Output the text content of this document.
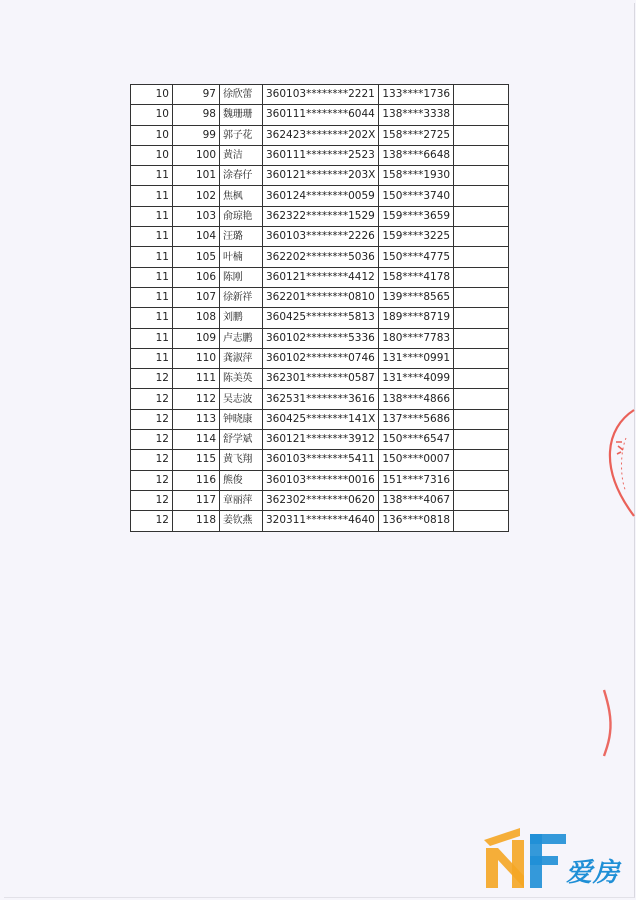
10	97	徐欣蕾	360103********2221	133****1736	
10	98	魏珊珊	360111********6044	138****3338	
10	99	郭子花	362423********202X	158****2725	
10	100	黄洁	360111********2523	138****6648	
11	101	涂春仔	360121********203X	158****1930	
11	102	焦枫	360124********0059	150****3740	
11	103	俞琼艳	362322********1529	159****3659	
11	104	汪璐	360103********2226	159****3225	
11	105	叶楠	362202********5036	150****4775	
11	106	陈刚	360121********4412	158****4178	
11	107	徐新祥	362201********0810	139****8565	
11	108	刘鹏	360425********5813	189****8719	
11	109	卢志鹏	360102********5336	180****7783	
11	110	龚淑萍	360102********0746	131****0991	
12	111	陈美英	362301********0587	131****4099	
12	112	吴志波	362531********3616	138****4866	
12	113	钟晓康	360425********141X	137****5686	
12	114	舒学斌	360121********3912	150****6547	
12	115	黄飞翔	360103********5411	150****0007	
12	116	熊俊	360103********0016	151****7316	
12	117	章丽萍	362302********0620	138****4067	
12	118	姜钦燕	320311********4640	136****0818	
爱房
